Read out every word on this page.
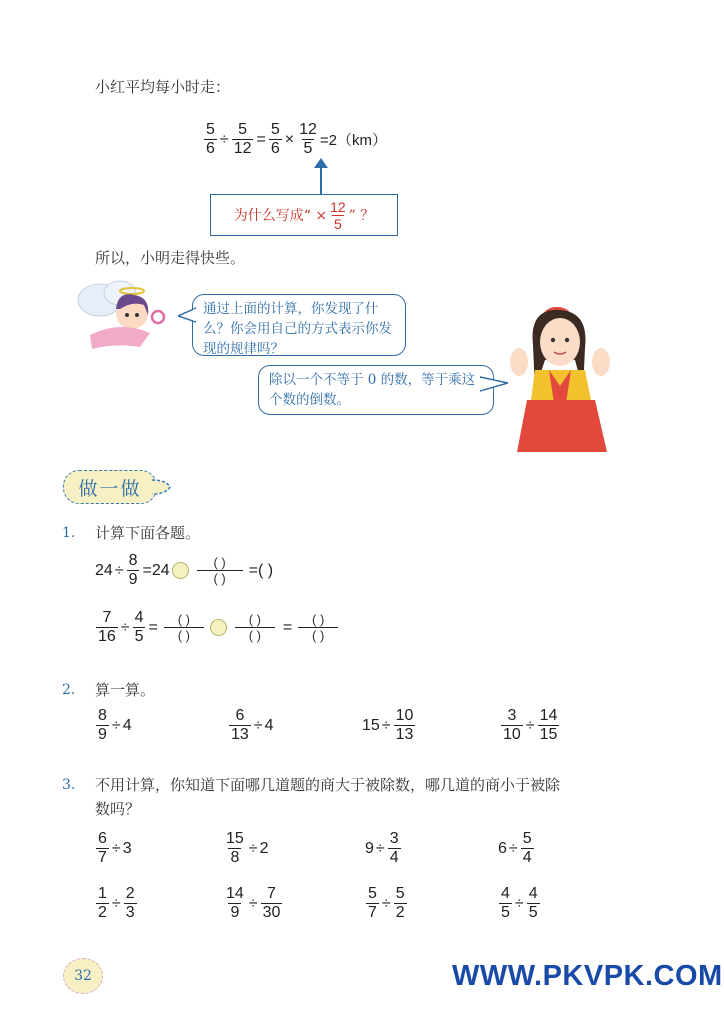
小红平均每小时走：
$\frac{5}{6} \div \frac{5}{12} = \frac{5}{6} \times \frac{12}{5} =2(km)$
为什么写成“ × $\frac{12}{5}$ ” ？
所以，小明走得快些。
通过上面的计算，你发现了什么？你会用自己的方式表示你发现的规律吗？
除以一个不等于 0 的数，等于乘这个数的倒数。
做一做
1. 计算下面各题。
$24 \div \frac{8}{9} =24$	( )
( )	=( )
$\frac{7}{16} \div \frac{4}{5}$ = ( )
( )
( )
( )	= ( )
( )
2. 算一算。
$\frac{8}{9} \div 4$	$\frac{6}{13} \div 4$	$15 \div \frac{10}{13}$	$\frac{3}{10} \div \frac{14}{15}$
3. 不用计算，你知道下面哪几道题的商大于被除数，哪几道的商小于被除
数吗？
$\frac{6}{7} \div 3$	$\frac{15}{8} \div 2$	$9 \div \frac{3}{4}$	$6 \div \frac{5}{4}$
$\frac{1}{2} \div \frac{2}{3}$	$\frac{14}{9} \div \frac{7}{30}$	$\frac{5}{7} \div \frac{5}{2}$	$\frac{4}{5} \div \frac{4}{5}$
32	WWW.PKVPK.COM
